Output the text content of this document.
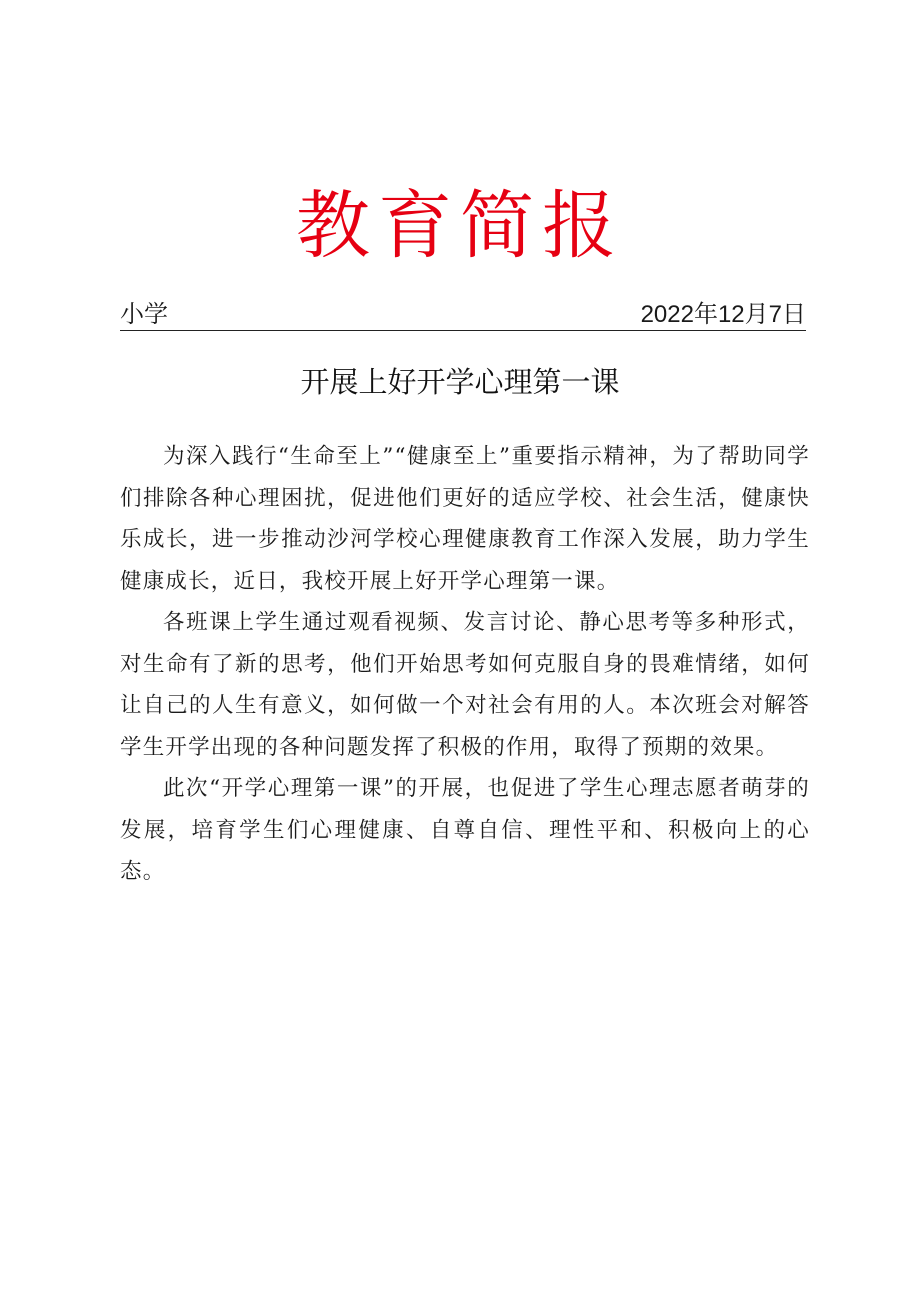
教育简报
小学	2022年12月7日
开展上好开学心理第一课

为深入践行“生命至上”“健康至上”重要指示精神，为了帮助同学们排除各种心理困扰，促进他们更好的适应学校、社会生活，健康快乐成长，进一步推动沙河学校心理健康教育工作深入发展，助力学生健康成长，近日，我校开展上好开学心理第一课。

各班课上学生通过观看视频、发言讨论、静心思考等多种形式，对生命有了新的思考，他们开始思考如何克服自身的畏难情绪，如何让自己的人生有意义，如何做一个对社会有用的人。本次班会对解答学生开学出现的各种问题发挥了积极的作用，取得了预期的效果。

此次“开学心理第一课”的开展，也促进了学生心理志愿者萌芽的发展，培育学生们心理健康、自尊自信、理性平和、积极向上的心态。
